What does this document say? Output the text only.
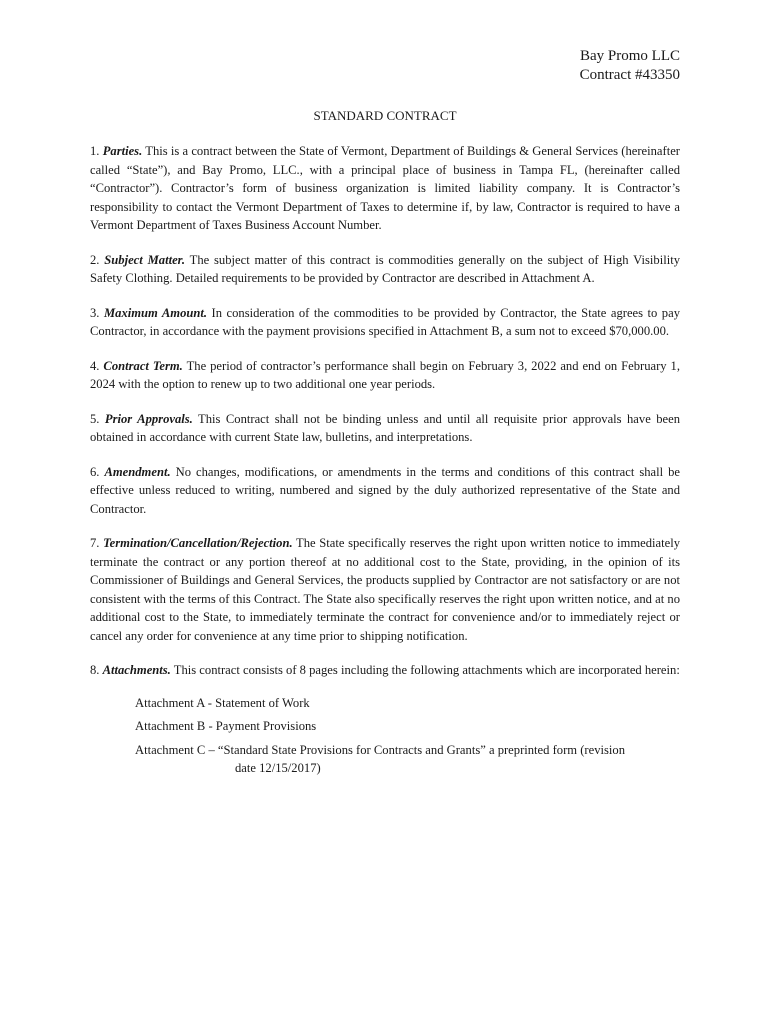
Bay Promo LLC
Contract #43350
STANDARD CONTRACT

1. Parties. This is a contract between the State of Vermont, Department of Buildings & General Services (hereinafter called “State”), and Bay Promo, LLC., with a principal place of business in Tampa FL, (hereinafter called “Contractor”). Contractor’s form of business organization is limited liability company. It is Contractor’s responsibility to contact the Vermont Department of Taxes to determine if, by law, Contractor is required to have a Vermont Department of Taxes Business Account Number.

2. Subject Matter. The subject matter of this contract is commodities generally on the subject of High Visibility Safety Clothing. Detailed requirements to be provided by Contractor are described in Attachment A.

3. Maximum Amount. In consideration of the commodities to be provided by Contractor, the State agrees to pay Contractor, in accordance with the payment provisions specified in Attachment B, a sum not to exceed $70,000.00.

4. Contract Term. The period of contractor’s performance shall begin on February 3, 2022 and end on February 1, 2024 with the option to renew up to two additional one year periods.

5. Prior Approvals. This Contract shall not be binding unless and until all requisite prior approvals have been obtained in accordance with current State law, bulletins, and interpretations.

6. Amendment. No changes, modifications, or amendments in the terms and conditions of this contract shall be effective unless reduced to writing, numbered and signed by the duly authorized representative of the State and Contractor.

7. Termination/Cancellation/Rejection. The State specifically reserves the right upon written notice to immediately terminate the contract or any portion thereof at no additional cost to the State, providing, in the opinion of its Commissioner of Buildings and General Services, the products supplied by Contractor are not satisfactory or are not consistent with the terms of this Contract. The State also specifically reserves the right upon written notice, and at no additional cost to the State, to immediately terminate the contract for convenience and/or to immediately reject or cancel any order for convenience at any time prior to shipping notification.

8. Attachments. This contract consists of 8 pages including the following attachments which are incorporated herein:

Attachment A - Statement of Work

Attachment B - Payment Provisions

Attachment C – “Standard State Provisions for Contracts and Grants” a preprinted form (revision
date 12/15/2017)
